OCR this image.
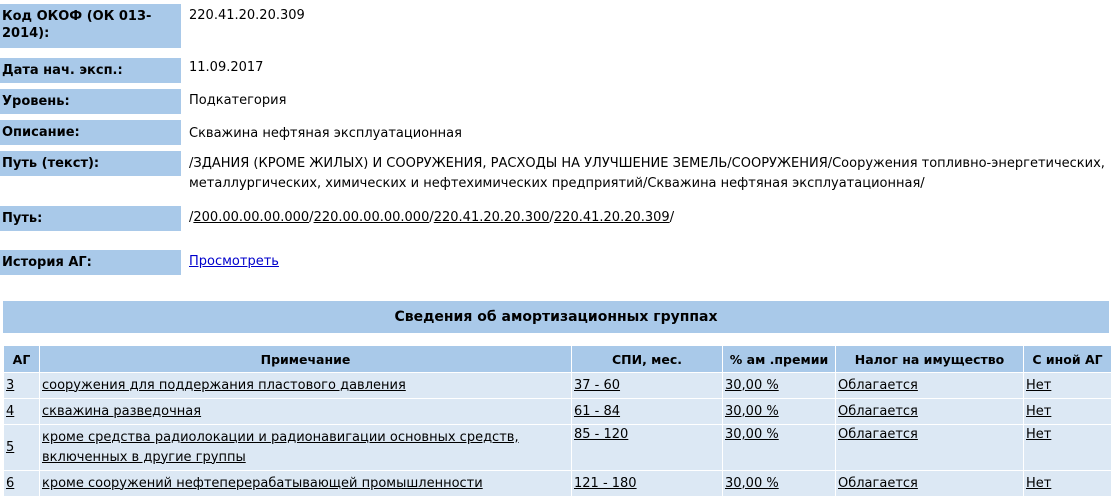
Код ОКОФ (ОК 013-2014):
220.41.20.20.309
Дата нач. эксп.:	11.09.2017
Уровень:	Подкатегория
Описание:	Скважина нефтяная эксплуатационная
Путь (текст):	/ЗДАНИЯ (КРОМЕ ЖИЛЫХ) И СООРУЖЕНИЯ, РАСХОДЫ НА УЛУЧШЕНИЕ ЗЕМЕЛЬ/СООРУЖЕНИЯ/Сооружения топливно-энергетических, металлургических, химических и нефтехимических предприятий/Скважина нефтяная эксплуатационная/
Путь:	/200.00.00.00.000/220.00.00.00.000/220.41.20.20.300/220.41.20.20.309/
История АГ:	Просмотреть
Сведения об амортизационных группах
АГ	Примечание	СПИ, мес.	% ам .премии	Налог на имущество	С иной АГ
3	сооружения для поддержания пластового давления	37 - 60	30,00 %	Облагается	Нет
4	скважина разведочная	61 - 84	30,00 %	Облагается	Нет
5	кроме средства радиолокации и радионавигации основных средств, включенных в другие группы	85 - 120	30,00 %	Облагается	Нет
6	кроме сооружений нефтеперерабатывающей промышленности	121 - 180	30,00 %	Облагается	Нет
